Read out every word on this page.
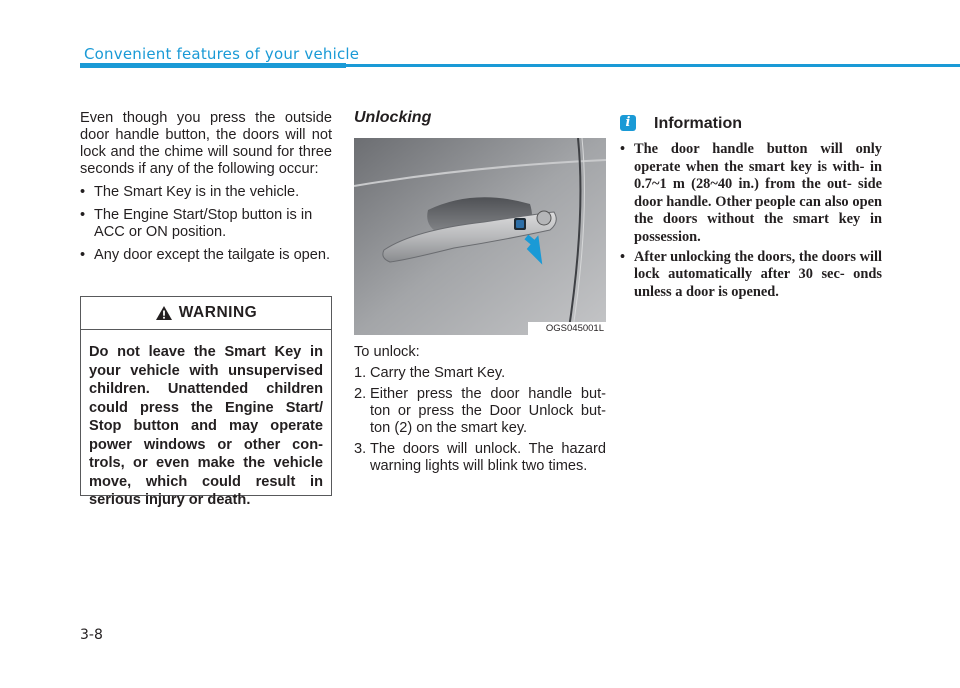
Convenient features of your vehicle

Even though you press the outside door handle button, the doors will not lock and the chime will sound for three seconds if any of the following occur:

• The Smart Key is in the vehicle.
• The Engine Start/Stop button is in ACC or ON position.
• Any door except the tailgate is open.
WARNING
Do not leave the Smart Key in your vehicle with unsupervised children. Unattended children could press the Engine Start/ Stop button and may operate power windows or other con- trols, or even make the vehicle move, which could result in serious injury or death.
Unlocking
OGS045001L

To unlock:

1. Carry the Smart Key.
2. Either press the door handle but- ton or press the Door Unlock but- ton (2) on the smart key.
3. The doors will unlock. The hazard warning lights will blink two times.
i	Information
• The door handle button will only operate when the smart key is with- in 0.7~1 m (28~40 in.) from the out- side door handle. Other people can also open the doors without the smart key in possession.
• After unlocking the doors, the doors will lock automatically after 30 sec- onds unless a door is opened.
3-8
